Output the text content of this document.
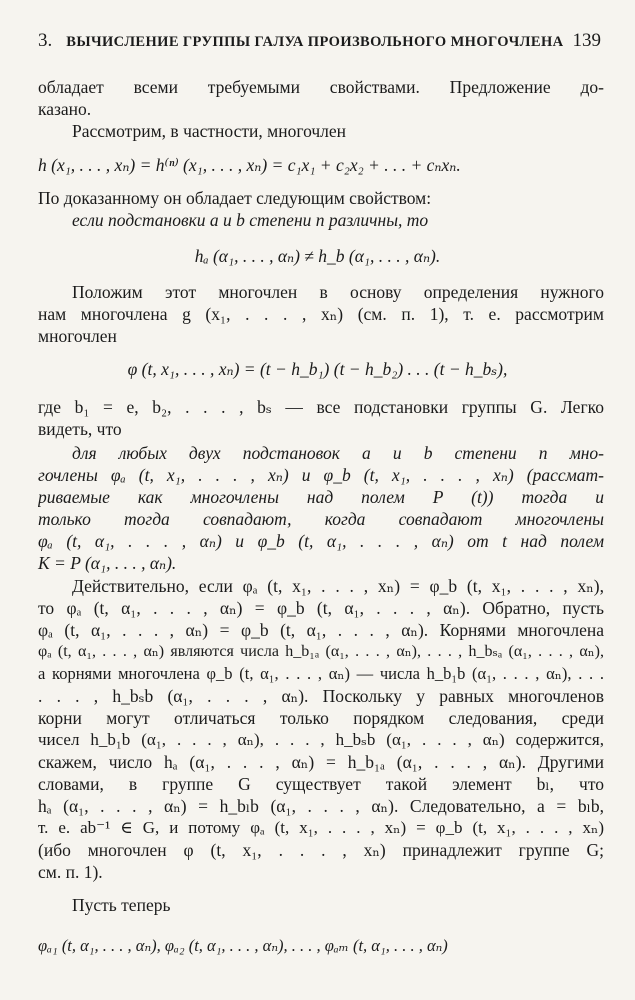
3. ВЫЧИСЛЕНИЕ ГРУППЫ ГАЛУА ПРОИЗВОЛЬНОГО МНОГОЧЛЕНА 139
обладает всеми требуемыми свойствами. Предложение до-
казано.
Рассмотрим, в частности, многочлен
h (x₁, . . . , xₙ) = h⁽ⁿ⁾ (x₁, . . . , xₙ) = c₁x₁ + c₂x₂ + . . . + cₙxₙ.
По доказанному он обладает следующим свойством:
если подстановки a и b степени n различны, то
hₐ (α₁, . . . , αₙ) ≠ h_b (α₁, . . . , αₙ).
Положим этот многочлен в основу определения нужного
нам многочлена g (x₁, . . . , xₙ) (см. п. 1), т. е. рассмотрим
многочлен
φ (t, x₁, . . . , xₙ) = (t − h_b₁) (t − h_b₂) . . . (t − h_bₛ),
где b₁ = e, b₂, . . . , bₛ — все подстановки группы G. Легко
видеть, что
для любых двух подстановок a и b степени n мно-
гочлены φₐ (t, x₁, . . . , xₙ) и φ_b (t, x₁, . . . , xₙ) (рассмат-
риваемые как многочлены над полем P (t)) тогда и
только тогда совпадают, когда совпадают многочлены
φₐ (t, α₁, . . . , αₙ) и φ_b (t, α₁, . . . , αₙ) от t над полем
K = P (α₁, . . . , αₙ).
Действительно, если φₐ (t, x₁, . . . , xₙ) = φ_b (t, x₁, . . . , xₙ),
то φₐ (t, α₁, . . . , αₙ) = φ_b (t, α₁, . . . , αₙ). Обратно, пусть
φₐ (t, α₁, . . . , αₙ) = φ_b (t, α₁, . . . , αₙ). Корнями многочлена
φₐ (t, α₁, . . . , αₙ) являются числа h_b₁ₐ (α₁, . . . , αₙ), . . . , h_bₛₐ (α₁, . . . , αₙ),
а корнями многочлена φ_b (t, α₁, . . . , αₙ) — числа h_b₁b (α₁, . . . , αₙ), . . .
. . . , h_bₛb (α₁, . . . , αₙ). Поскольку у равных многочленов
корни могут отличаться только порядком следования, среди
чисел h_b₁b (α₁, . . . , αₙ), . . . , h_bₛb (α₁, . . . , αₙ) содержится,
скажем, число hₐ (α₁, . . . , αₙ) = h_b₁ₐ (α₁, . . . , αₙ). Другими
словами, в группе G существует такой элемент bₗ, что
hₐ (α₁, . . . , αₙ) = h_bₗb (α₁, . . . , αₙ). Следовательно, a = bₗb,
т. е. ab⁻¹ ∈ G, и потому φₐ (t, x₁, . . . , xₙ) = φ_b (t, x₁, . . . , xₙ)
(ибо многочлен φ (t, x₁, . . . , xₙ) принадлежит группе G;
см. п. 1).
Пусть теперь
φₐ₁ (t, α₁, . . . , αₙ), φₐ₂ (t, α₁, . . . , αₙ), . . . , φₐₘ (t, α₁, . . . , αₙ)
